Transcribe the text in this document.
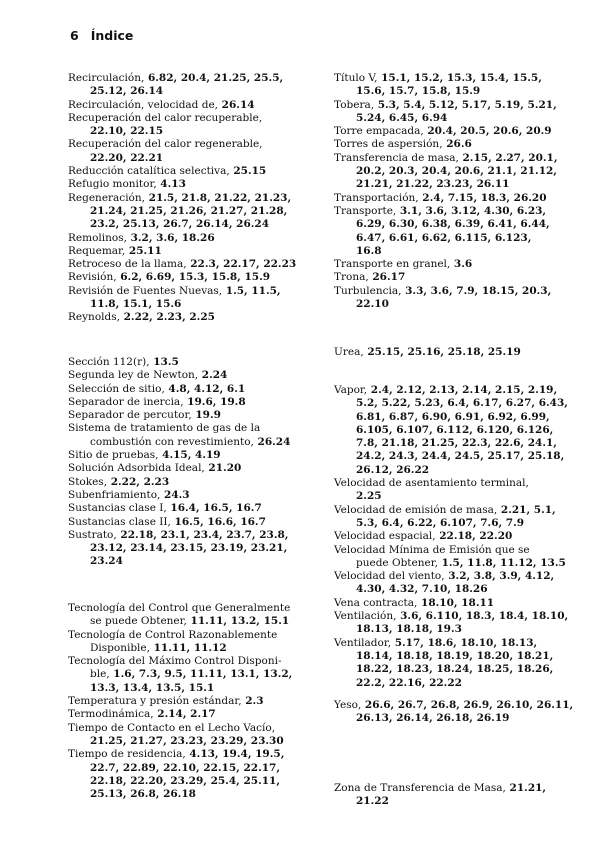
6 Índice
Recirculación, 6.82, 20.4, 21.25, 25.5,
25.12, 26.14
Recirculación, velocidad de, 26.14
Recuperación del calor recuperable,
22.10, 22.15
Recuperación del calor regenerable,
22.20, 22.21
Reducción catalítica selectiva, 25.15
Refugio monitor, 4.13
Regeneración, 21.5, 21.8, 21.22, 21.23,
21.24, 21.25, 21.26, 21.27, 21.28,
23.2, 25.13, 26.7, 26.14, 26.24
Remolinos, 3.2, 3.6, 18.26
Requemar, 25.11
Retroceso de la llama, 22.3, 22.17, 22.23
Revisión, 6.2, 6.69, 15.3, 15.8, 15.9
Revisión de Fuentes Nuevas, 1.5, 11.5,
11.8, 15.1, 15.6
Reynolds, 2.22, 2.23, 2.25
Sección 112(r), 13.5
Segunda ley de Newton, 2.24
Selección de sitio, 4.8, 4.12, 6.1
Separador de inercia, 19.6, 19.8
Separador de percutor, 19.9
Sistema de tratamiento de gas de la
combustión con revestimiento, 26.24
Sitio de pruebas, 4.15, 4.19
Solución Adsorbida Ideal, 21.20
Stokes, 2.22, 2.23
Subenfriamiento, 24.3
Sustancias clase I, 16.4, 16.5, 16.7
Sustancias clase II, 16.5, 16.6, 16.7
Sustrato, 22.18, 23.1, 23.4, 23.7, 23.8,
23.12, 23.14, 23.15, 23.19, 23.21,
23.24
Tecnología del Control que Generalmente
se puede Obtener, 11.11, 13.2, 15.1
Tecnología de Control Razonablemente
Disponible, 11.11, 11.12
Tecnología del Máximo Control Disponi-
ble, 1.6, 7.3, 9.5, 11.11, 13.1, 13.2,
13.3, 13.4, 13.5, 15.1
Temperatura y presión estándar, 2.3
Termodinámica, 2.14, 2.17
Tiempo de Contacto en el Lecho Vacío,
21.25, 21.27, 23.23, 23.29, 23.30
Tiempo de residencia, 4.13, 19.4, 19.5,
22.7, 22.89, 22.10, 22.15, 22.17,
22.18, 22.20, 23.29, 25.4, 25.11,
25.13, 26.8, 26.18
Título V, 15.1, 15.2, 15.3, 15.4, 15.5,
15.6, 15.7, 15.8, 15.9
Tobera, 5.3, 5.4, 5.12, 5.17, 5.19, 5.21,
5.24, 6.45, 6.94
Torre empacada, 20.4, 20.5, 20.6, 20.9
Torres de aspersión, 26.6
Transferencia de masa, 2.15, 2.27, 20.1,
20.2, 20.3, 20.4, 20.6, 21.1, 21.12,
21.21, 21.22, 23.23, 26.11
Transportación, 2.4, 7.15, 18.3, 26.20
Transporte, 3.1, 3.6, 3.12, 4.30, 6.23,
6.29, 6.30, 6.38, 6.39, 6.41, 6.44,
6.47, 6.61, 6.62, 6.115, 6.123,
16.8
Transporte en granel, 3.6
Trona, 26.17
Turbulencia, 3.3, 3.6, 7.9, 18.15, 20.3,
22.10
Urea, 25.15, 25.16, 25.18, 25.19
Vapor, 2.4, 2.12, 2.13, 2.14, 2.15, 2.19,
5.2, 5.22, 5.23, 6.4, 6.17, 6.27, 6.43,
6.81, 6.87, 6.90, 6.91, 6.92, 6.99,
6.105, 6.107, 6.112, 6.120, 6.126,
7.8, 21.18, 21.25, 22.3, 22.6, 24.1,
24.2, 24.3, 24.4, 24.5, 25.17, 25.18,
26.12, 26.22
Velocidad de asentamiento terminal,
2.25
Velocidad de emisión de masa, 2.21, 5.1,
5.3, 6.4, 6.22, 6.107, 7.6, 7.9
Velocidad espacial, 22.18, 22.20
Velocidad Mínima de Emisión que se
puede Obtener, 1.5, 11.8, 11.12, 13.5
Velocidad del viento, 3.2, 3.8, 3.9, 4.12,
4.30, 4.32, 7.10, 18.26
Vena contracta, 18.10, 18.11
Ventilación, 3.6, 6.110, 18.3, 18.4, 18.10,
18.13, 18.18, 19.3
Ventilador, 5.17, 18.6, 18.10, 18.13,
18.14, 18.18, 18.19, 18.20, 18.21,
18.22, 18.23, 18.24, 18.25, 18.26,
22.2, 22.16, 22.22
Yeso, 26.6, 26.7, 26.8, 26.9, 26.10, 26.11,
26.13, 26.14, 26.18, 26.19
Zona de Transferencia de Masa, 21.21,
21.22
